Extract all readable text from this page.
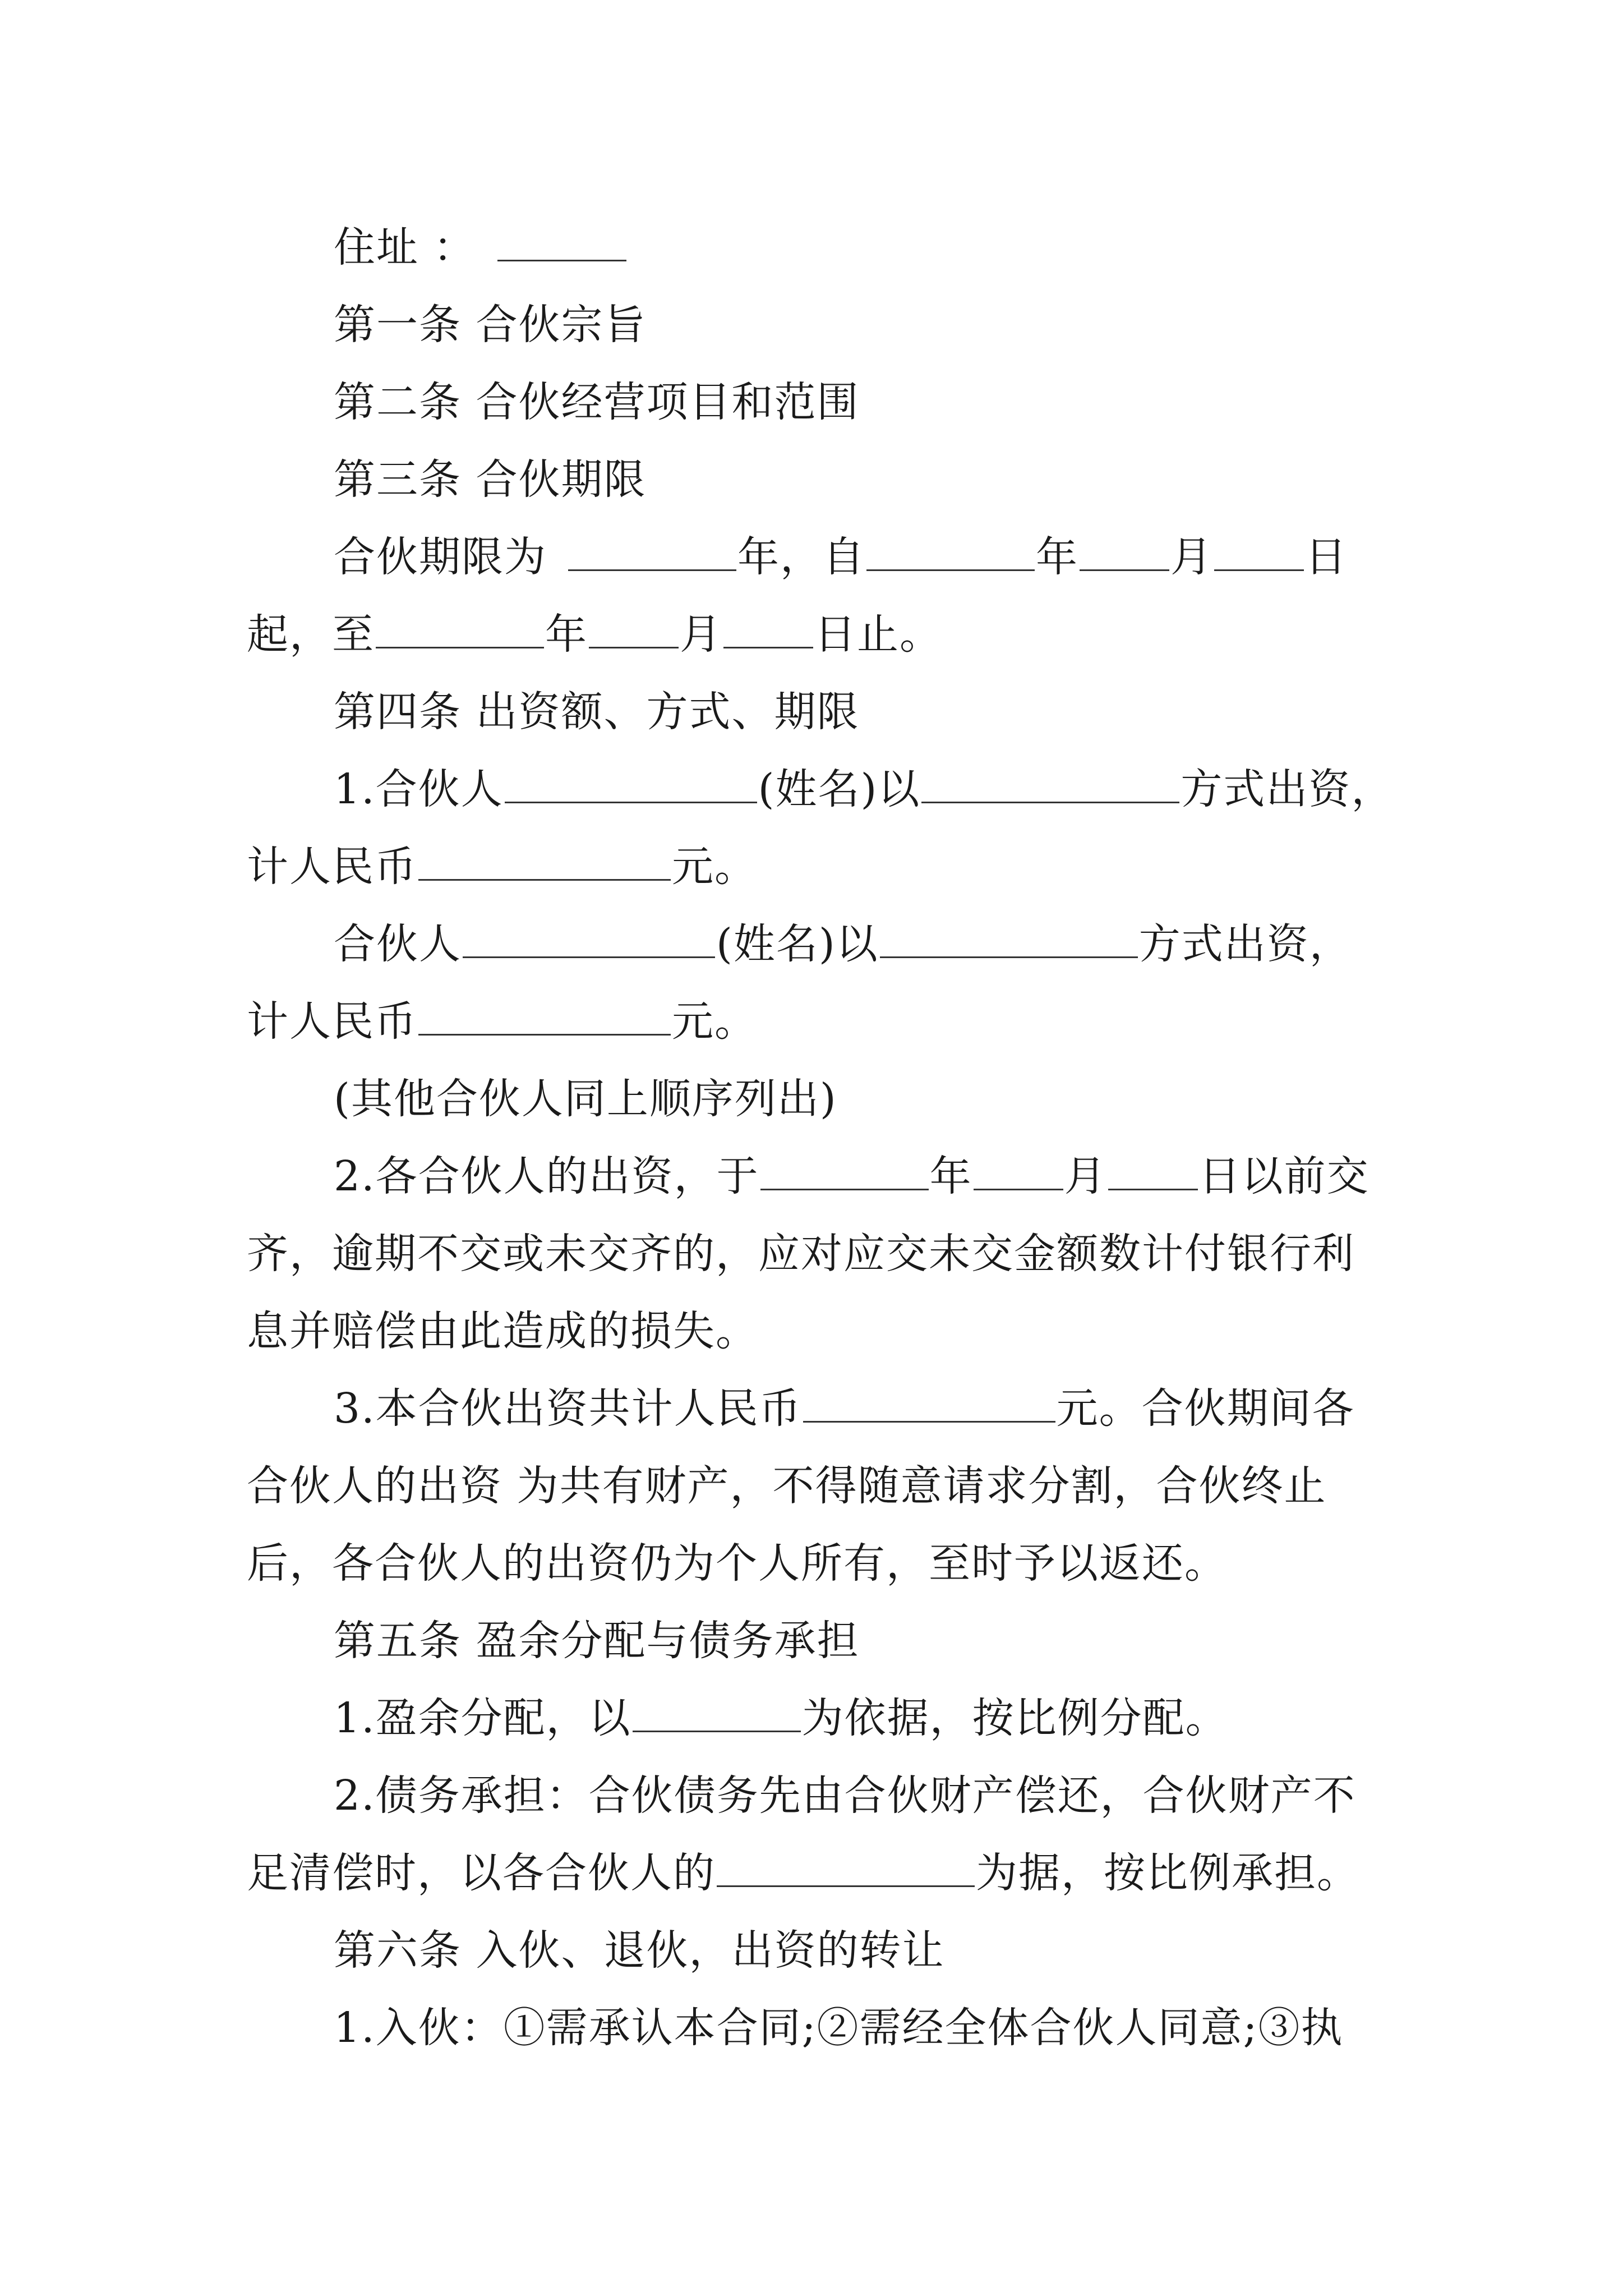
住址 ：
第一条 合伙宗旨
第二条 合伙经营项目和范围
第三条 合伙期限
合伙期限为	年，自	年 月 日
起，至	年 月 日止。
第四条 出资额、方式、期限
1.合伙人	(姓名)以	方式出资，
计人民币	元。
合伙人	(姓名)以	方式出资，
计人民币	元。
(其他合伙人同上顺序列出)
2.各合伙人的出资，于	年 月 日以前交
齐，逾期不交或未交齐的，应对应交未交金额数计付银行利
息并赔偿由此造成的损失。
3.本合伙出资共计人民币	元。合伙期间各
合伙人的出资 为共有财产，不得随意请求分割，合伙终止
后，各合伙人的出资仍为个人所有，至时予以返还。
第五条 盈余分配与债务承担
1.盈余分配，以	为依据，按比例分配。
2.债务承担：合伙债务先由合伙财产偿还，合伙财产不
足清偿时，以各合伙人的	为据，按比例承担。
第六条 入伙、退伙，出资的转让
1.入伙：①需承认本合同;②需经全体合伙人同意;③执
